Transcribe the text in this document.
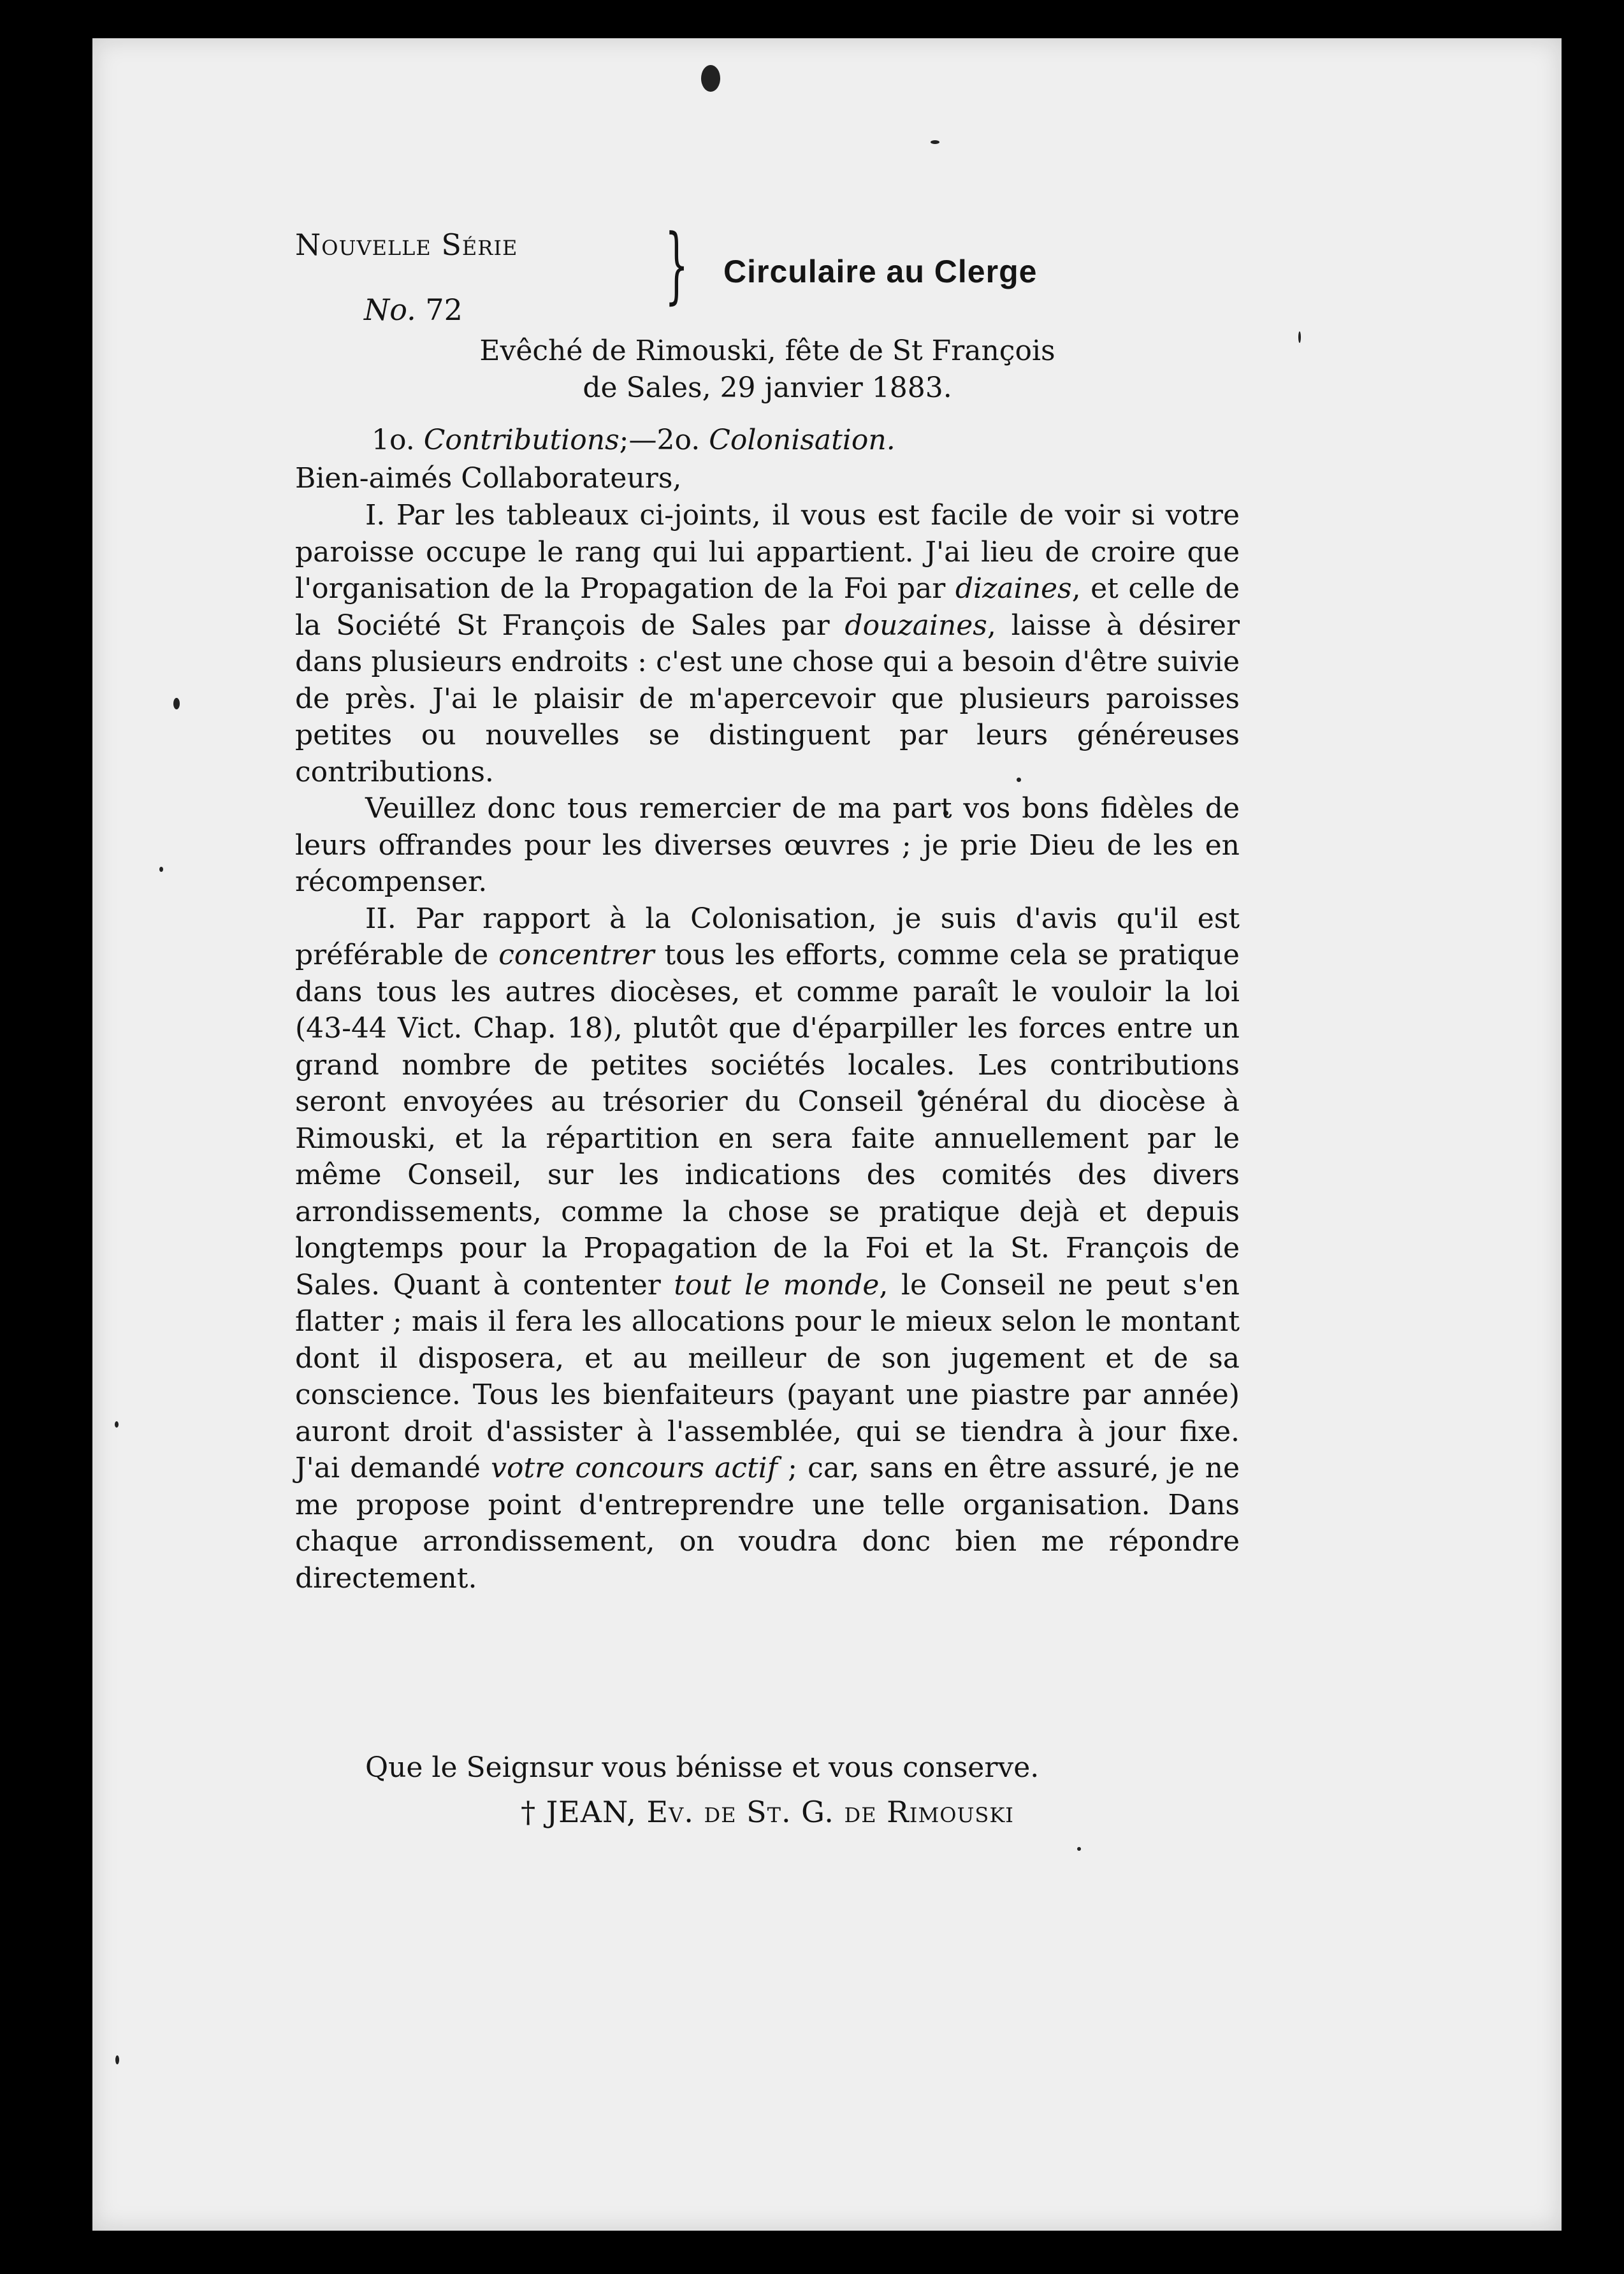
Nouvelle Série
No. 72 } Circulaire au Clerge
Evêché de Rimouski, fête de St François
de Sales, 29 janvier 1883.
1o. Contributions;—2o. Colonisation.
Bien-aimés Collaborateurs,

I. Par les tableaux ci-joints, il vous est facile de voir si votre paroisse occupe le rang qui lui appartient. J'ai lieu de croire que l'organisation de la Propagation de la Foi par dizaines, et celle de la Société St François de Sales par douzaines, laisse à désirer dans plusieurs endroits : c'est une chose qui a besoin d'être suivie de près. J'ai le plaisir de m'apercevoir que plusieurs paroisses petites ou nouvelles se distinguent par leurs généreuses contributions.

Veuillez donc tous remercier de ma part vos bons fidèles de leurs offrandes pour les diverses œuvres ; je prie Dieu de les en récompenser.

II. Par rapport à la Colonisation, je suis d'avis qu'il est préférable de concentrer tous les efforts, comme cela se pratique dans tous les autres diocèses, et comme paraît le vouloir la loi (43-44 Vict. Chap. 18), plutôt que d'éparpiller les forces entre un grand nombre de petites sociétés locales. Les contributions seront envoyées au trésorier du Conseil général du diocèse à Rimouski, et la répartition en sera faite annuellement par le même Conseil, sur les indications des comités des divers arrondissements, comme la chose se pratique dejà et depuis longtemps pour la Propagation de la Foi et la St. François de Sales. Quant à contenter tout le monde, le Conseil ne peut s'en flatter ; mais il fera les allocations pour le mieux selon le montant dont il disposera, et au meilleur de son jugement et de sa conscience. Tous les bienfaiteurs (payant une piastre par année) auront droit d'assister à l'assemblée, qui se tiendra à jour fixe. J'ai demandé votre concours actif ; car, sans en être assuré, je ne me propose point d'entreprendre une telle organisation. Dans chaque arrondissement, on voudra donc bien me répondre directement.

Que le Seignsur vous bénisse et vous conserve.
† JEAN, Ev. de St. G. de Rimouski
